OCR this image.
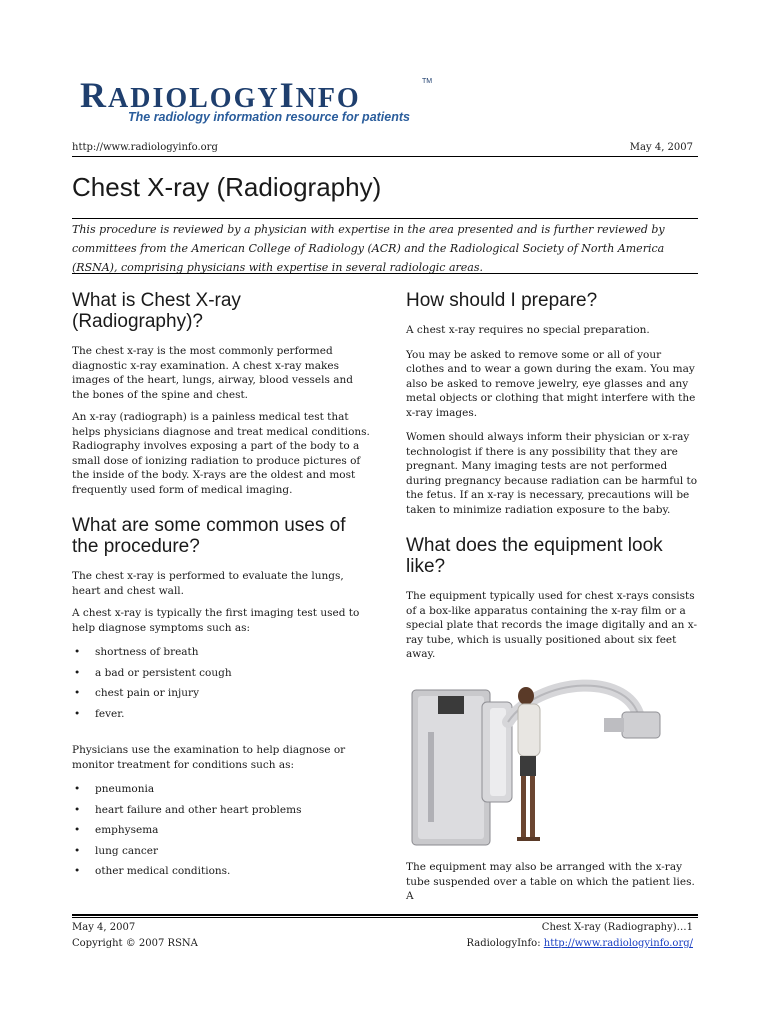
RADIOLOGYINFO
TM
The radiology information resource for patients
http://www.radiologyinfo.org	May 4, 2007
Chest X-ray (Radiography)
This procedure is reviewed by a physician with expertise in the area presented and is further reviewed by committees from the American College of Radiology (ACR) and the Radiological Society of North America (RSNA), comprising physicians with expertise in several radiologic areas.
What is Chest X-ray (Radiography)?

The chest x-ray is the most commonly performed diagnostic x-ray examination. A chest x-ray makes images of the heart, lungs, airway, blood vessels and the bones of the spine and chest.

An x-ray (radiograph) is a painless medical test that helps physicians diagnose and treat medical conditions. Radiography involves exposing a part of the body to a small dose of ionizing radiation to produce pictures of the inside of the body. X-rays are the oldest and most frequently used form of medical imaging.

What are some common uses of the procedure?

The chest x-ray is performed to evaluate the lungs, heart and chest wall.

A chest x-ray is typically the first imaging test used to help diagnose symptoms such as:

• shortness of breath
• a bad or persistent cough
• chest pain or injury
• fever.

Physicians use the examination to help diagnose or monitor treatment for conditions such as:

• pneumonia
• heart failure and other heart problems
• emphysema
• lung cancer
• other medical conditions.
How should I prepare?

A chest x-ray requires no special preparation.

You may be asked to remove some or all of your clothes and to wear a gown during the exam. You may also be asked to remove jewelry, eye glasses and any metal objects or clothing that might interfere with the x-ray images.

Women should always inform their physician or x-ray technologist if there is any possibility that they are pregnant. Many imaging tests are not performed during pregnancy because radiation can be harmful to the fetus. If an x-ray is necessary, precautions will be taken to minimize radiation exposure to the baby.

What does the equipment look like?

The equipment typically used for chest x-rays consists of a box-like apparatus containing the x-ray film or a special plate that records the image digitally and an x-ray tube, which is usually positioned about six feet away.

The equipment may also be arranged with the x-ray tube suspended over a table on which the patient lies. A

May 4, 2007
Copyright © 2007 RSNA
Chest X-ray (Radiography)…1
RadiologyInfo: http://www.radiologyinfo.org/
